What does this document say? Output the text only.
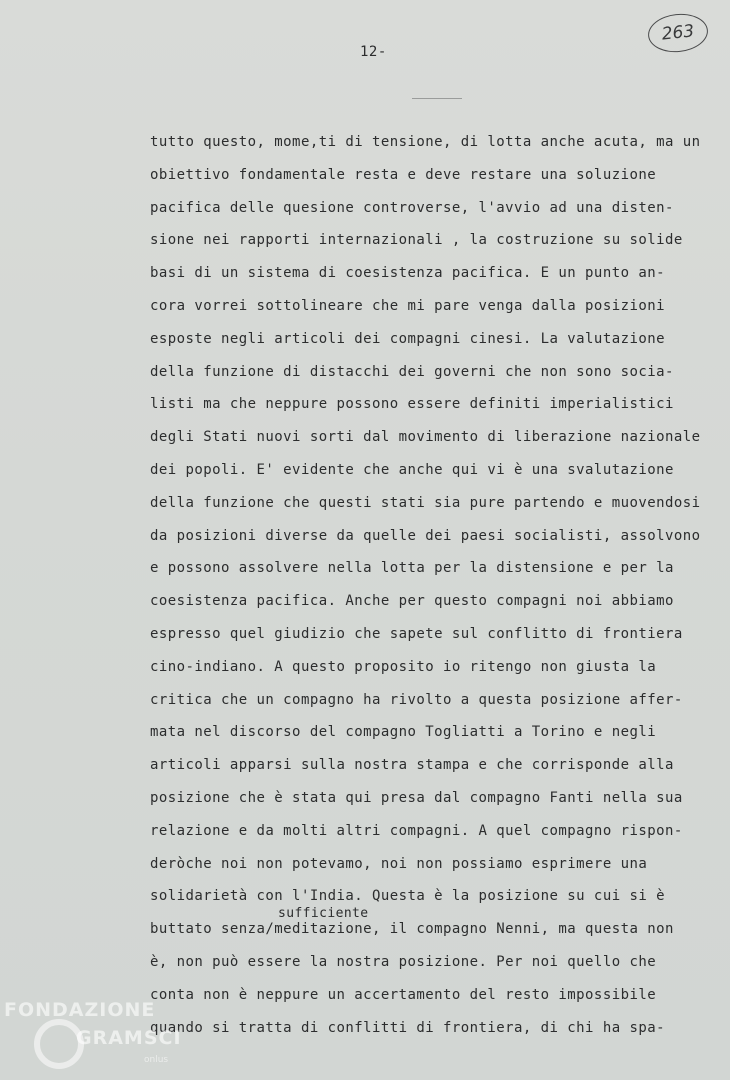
263
12-
tutto questo, mome,ti di tensione, di lotta anche acuta, ma un
obiettivo fondamentale resta e deve restare una soluzione
pacifica delle quesione controverse, l'avvio ad una disten-
sione nei rapporti internazionali , la costruzione su solide
basi di un sistema di coesistenza pacifica. E un punto an-
cora vorrei sottolineare che mi pare venga dalla posizioni
esposte negli articoli dei compagni cinesi. La valutazione
della funzione di distacchi dei governi che non sono socia-
listi ma che neppure possono essere definiti imperialistici
degli Stati nuovi sorti dal movimento di liberazione nazionale
dei popoli. E' evidente che anche qui vi è una svalutazione
della funzione che questi stati sia pure partendo e muovendosi
da posizioni diverse da quelle dei paesi socialisti, assolvono
e possono assolvere nella lotta per la distensione e per la
coesistenza pacifica. Anche per questo compagni noi abbiamo
espresso quel giudizio che sapete sul conflitto di frontiera
cino-indiano. A questo proposito io ritengo non giusta la
critica che un compagno ha rivolto a questa posizione affer-
mata nel discorso del compagno Togliatti a Torino e negli
articoli apparsi sulla nostra stampa e che corrisponde alla
posizione che è stata qui presa dal compagno Fanti nella sua
relazione e da molti altri compagni. A quel compagno rispon-
deròche noi non potevamo, noi non possiamo esprimere una
solidarietà con l'India. Questa è la posizione su cui si è
buttato senza/meditazione, il compagno Nenni, ma questa non
è, non può essere la nostra posizione. Per noi quello che
conta non è neppure un accertamento del resto impossibile
quando si tratta di conflitti di frontiera, di chi ha spa-
sufficiente
FONDAZIONE
GRAMSCI
onlus
